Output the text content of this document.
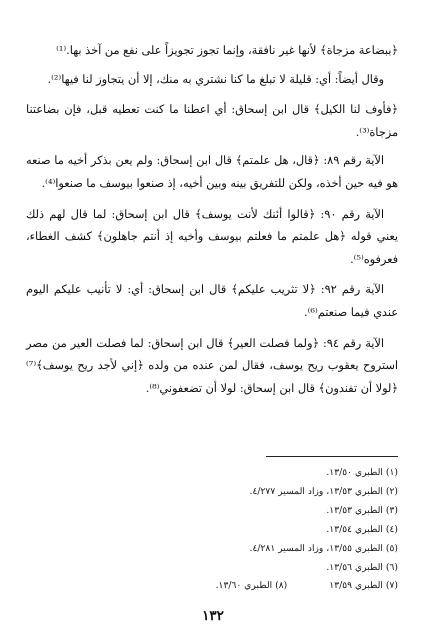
﴿ببضاعة مزجاة﴾ لأنها غير نافقة، وإنما تجوز تجويزاً على نفع من آخذ بها.⁽¹⁾

وقال أيضاً: أي: قليلة لا تبلغ ما كنا نشتري به منك، إلا أن يتجاوز لنا فيها⁽²⁾.

﴿فأوف لنا الكيل﴾ قال ابن إسحاق: أي اعطنا ما كنت تعطيه قبل، فإن بضاعتنا مزجاة⁽³⁾.

الآية رقم ٨٩: ﴿قال، هل علمتم﴾ قال ابن إسحاق: ولم يعن بذكر أخيه ما صنعه هو فيه حين أخذه، ولكن للتفريق بينه وبين أخيه، إذ صنعوا بيوسف ما صنعوا⁽⁴⁾.

الآية رقم ٩٠: ﴿قالوا أئنك لأنت يوسف﴾ قال ابن إسحاق: لما قال لهم ذلك يعني قوله ﴿هل علمتم ما فعلتم بيوسف وأخيه إذ أنتم جاهلون﴾ كشف الغطاء، فعرفوه⁽⁵⁾.

الآية رقم ٩٢: ﴿لا تثريب عليكم﴾ قال ابن إسحاق: أي: لا تأنيب عليكم اليوم عندي فيما صنعتم⁽⁶⁾.

الآية رقم ٩٤: ﴿ولما فصلت العير﴾ قال ابن إسحاق: لما فصلت العير من مصر استروح يعقوب ريح يوسف، فقال لمن عنده من ولده ﴿إني لأجد ريح يوسف﴾⁽⁷⁾ ﴿لولا أن تفندون﴾ قال ابن إسحاق: لولا أن تضعفوني⁽⁸⁾.

(١) الطبري ١٣/٥٠.
(٢) الطبري ١٣/٥٣، وزاد المسير ٤/٢٧٧.
(٣) الطبري ١٣/٥٣.
(٤) الطبري ١٣/٥٤.
(٥) الطبري ١٣/٥٥، وزاد المسير ٤/٢٨١.
(٦) الطبري ١٣/٥٦.
(٧) الطبري ١٣/٥٩
(٨) الطبري ١٣/٦٠.
١٣٢
